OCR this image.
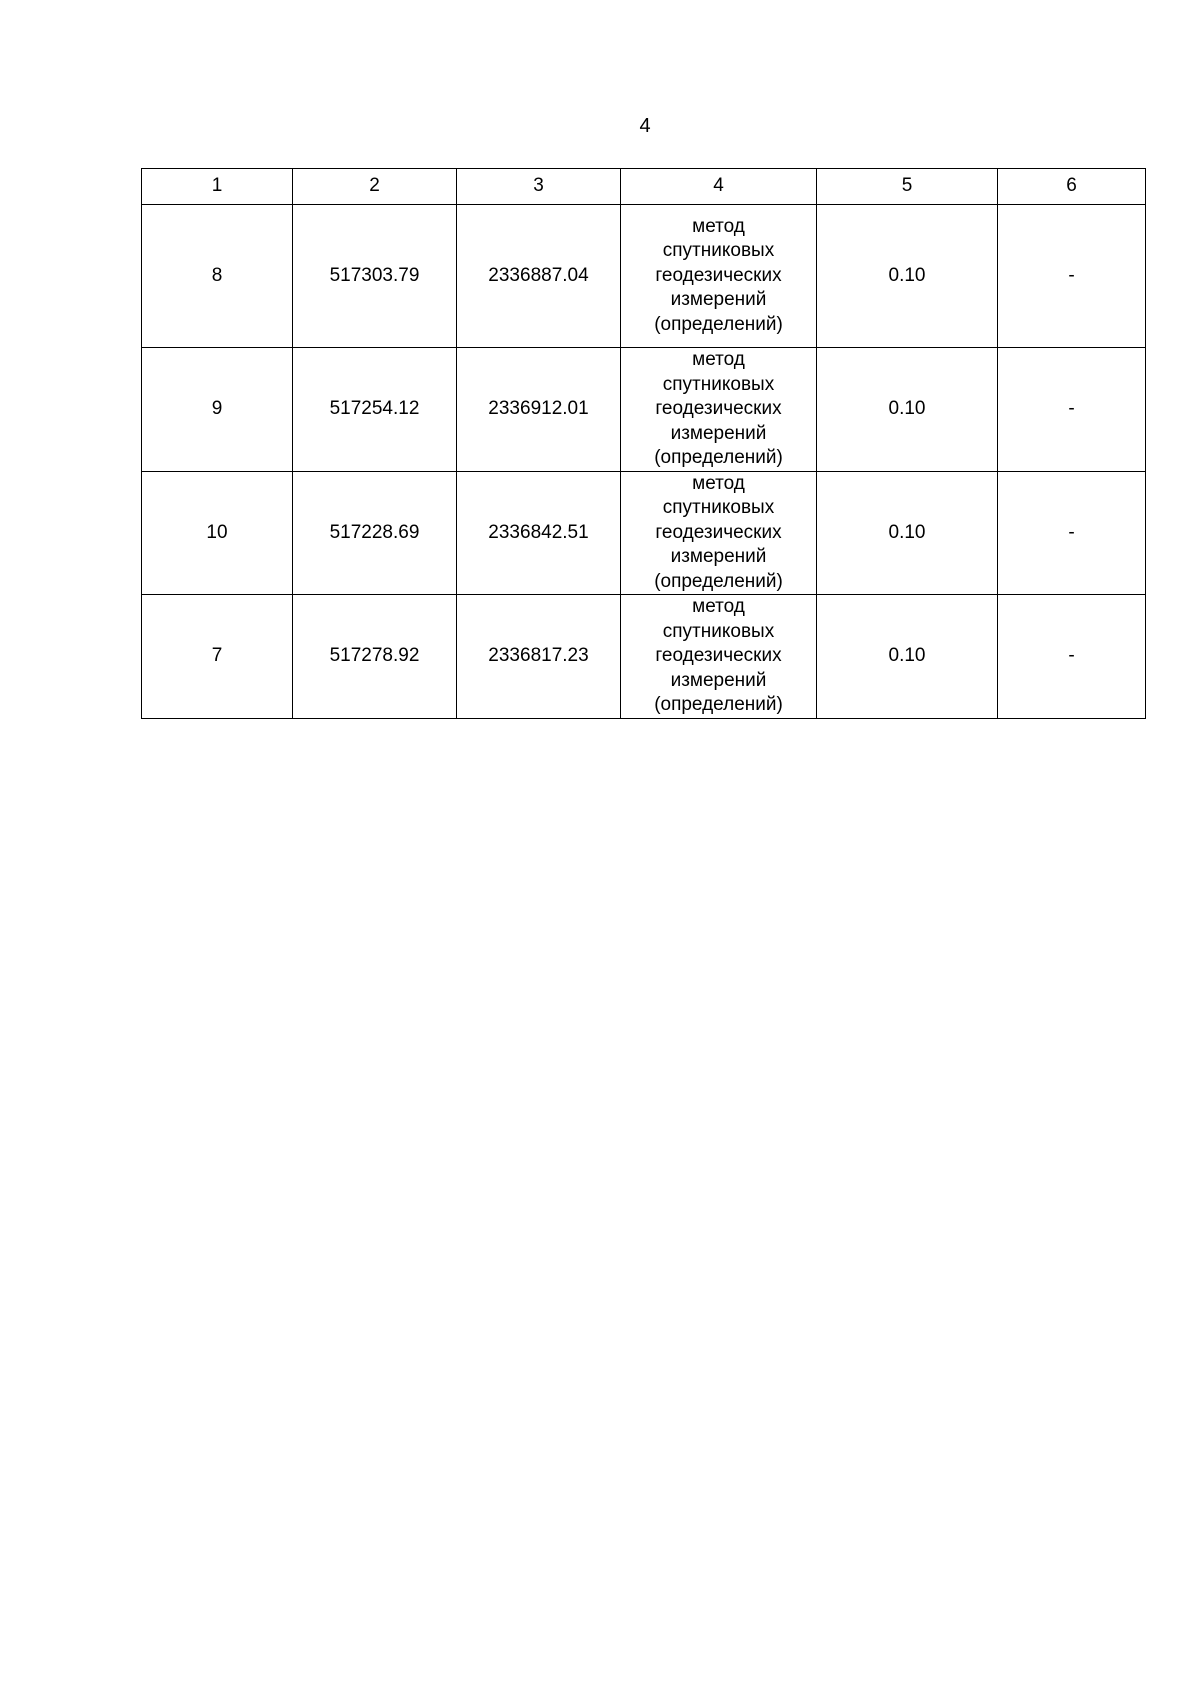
4
1	2	3	4	5	6
8	517303.79	2336887.04	метод спутниковых геодезических измерений (определений)	0.10	-
9	517254.12	2336912.01	метод спутниковых геодезических измерений (определений)	0.10	-
10	517228.69	2336842.51	метод спутниковых геодезических измерений (определений)	0.10	-
7	517278.92	2336817.23	метод спутниковых геодезических измерений (определений)	0.10	-
